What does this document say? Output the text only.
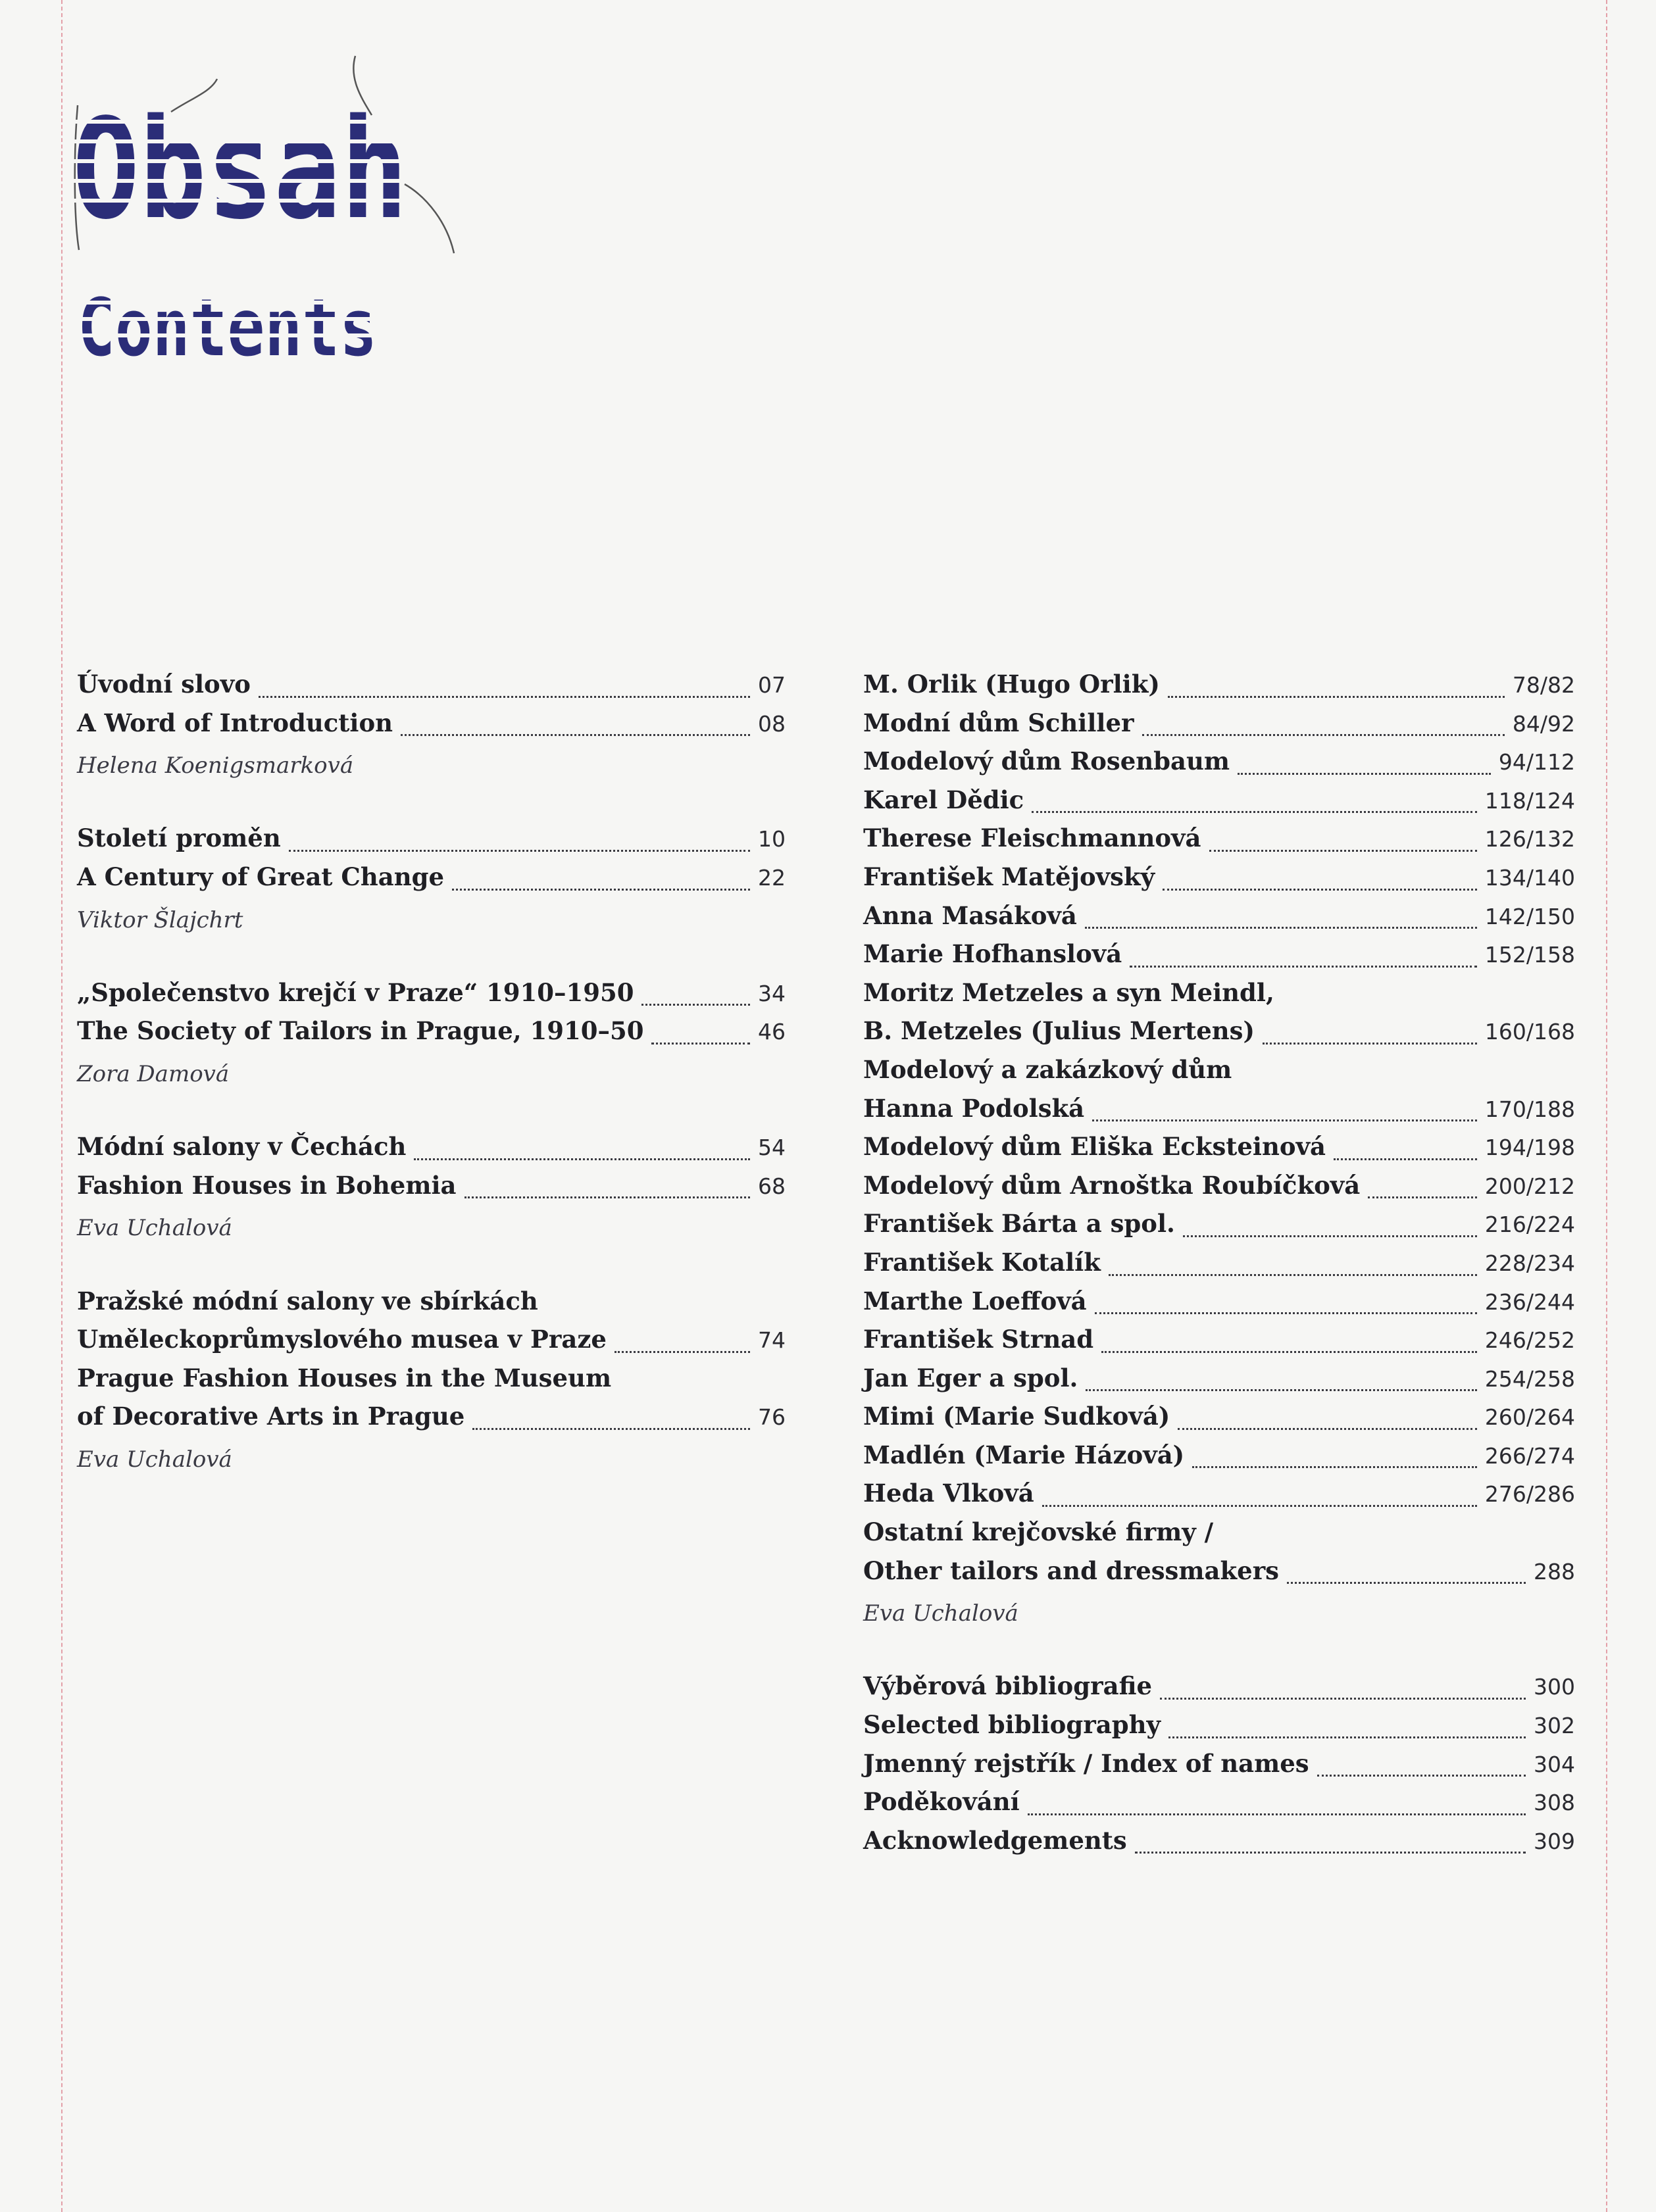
Obsah
Contents
Úvodní slovo	07
A Word of Introduction	08
Helena Koenigsmarková
Století proměn	10
A Century of Great Change	22
Viktor Šlajchrt
„Společenstvo krejčí v Praze“ 1910–1950	34
The Society of Tailors in Prague, 1910–50	46
Zora Damová
Módní salony v Čechách	54
Fashion Houses in Bohemia	68
Eva Uchalová
Pražské módní salony ve sbírkách
Uměleckoprůmyslového musea v Praze	74
Prague Fashion Houses in the Museum
of Decorative Arts in Prague	76
Eva Uchalová
M. Orlik (Hugo Orlik)	78/82
Modní dům Schiller	84/92
Modelový dům Rosenbaum	94/112
Karel Dědic	118/124
Therese Fleischmannová	126/132
František Matějovský	134/140
Anna Masáková	142/150
Marie Hofhanslová	152/158
Moritz Metzeles a syn Meindl,
B. Metzeles (Julius Mertens)	160/168
Modelový a zakázkový dům
Hanna Podolská	170/188
Modelový dům Eliška Ecksteinová	194/198
Modelový dům Arnoštka Roubíčková	200/212
František Bárta a spol.	216/224
František Kotalík	228/234
Marthe Loeffová	236/244
František Strnad	246/252
Jan Eger a spol.	254/258
Mimi (Marie Sudková)	260/264
Madlén (Marie Házová)	266/274
Heda Vlková	276/286
Ostatní krejčovské firmy /
Other tailors and dressmakers	288
Eva Uchalová
Výběrová bibliografie	300
Selected bibliography	302
Jmenný rejstřík / Index of names	304
Poděkování	308
Acknowledgements	309
